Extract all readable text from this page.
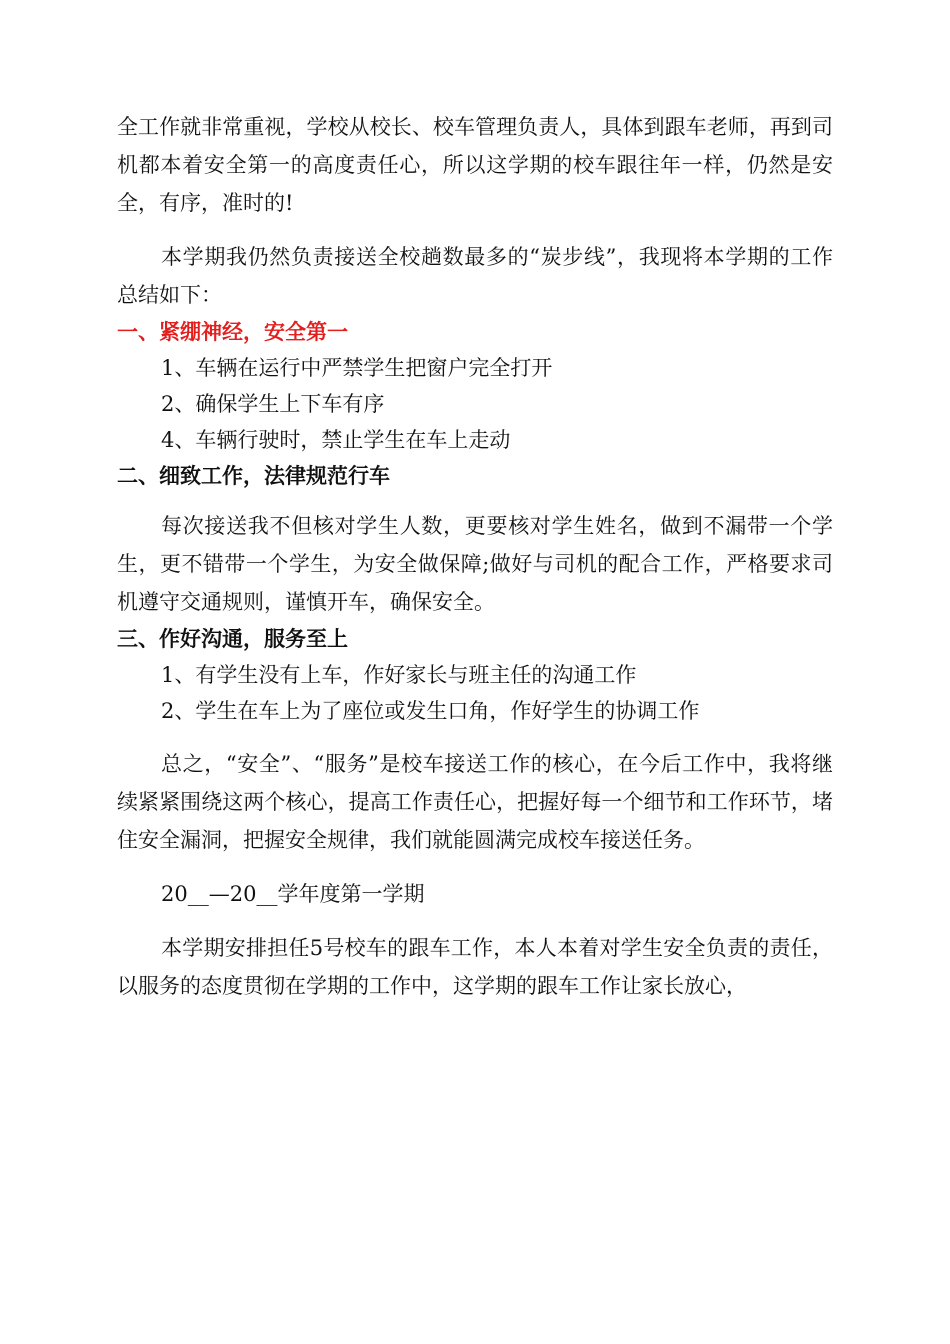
全工作就非常重视，学校从校长、校车管理负责人，具体到跟车老师，再到司机都本着安全第一的高度责任心，所以这学期的校车跟往年一样，仍然是安全，有序，准时的!

本学期我仍然负责接送全校趟数最多的“炭步线”，我现将本学期的工作总结如下：

一、紧绷神经，安全第一

1、车辆在运行中严禁学生把窗户完全打开

2、确保学生上下车有序

4、车辆行驶时，禁止学生在车上走动

二、细致工作，法律规范行车

每次接送我不但核对学生人数，更要核对学生姓名，做到不漏带一个学生，更不错带一个学生，为安全做保障;做好与司机的配合工作，严格要求司机遵守交通规则，谨慎开车，确保安全。

三、作好沟通，服务至上

1、有学生没有上车，作好家长与班主任的沟通工作

2、学生在车上为了座位或发生口角，作好学生的协调工作

总之，“安全”、“服务”是校车接送工作的核心，在今后工作中，我将继续紧紧围绕这两个核心，提高工作责任心，把握好每一个细节和工作环节，堵住安全漏洞，把握安全规律，我们就能圆满完成校车接送任务。

20__—20__学年度第一学期

本学期安排担任5号校车的跟车工作，本人本着对学生安全负责的责任，以服务的态度贯彻在学期的工作中，这学期的跟车工作让家长放心，
